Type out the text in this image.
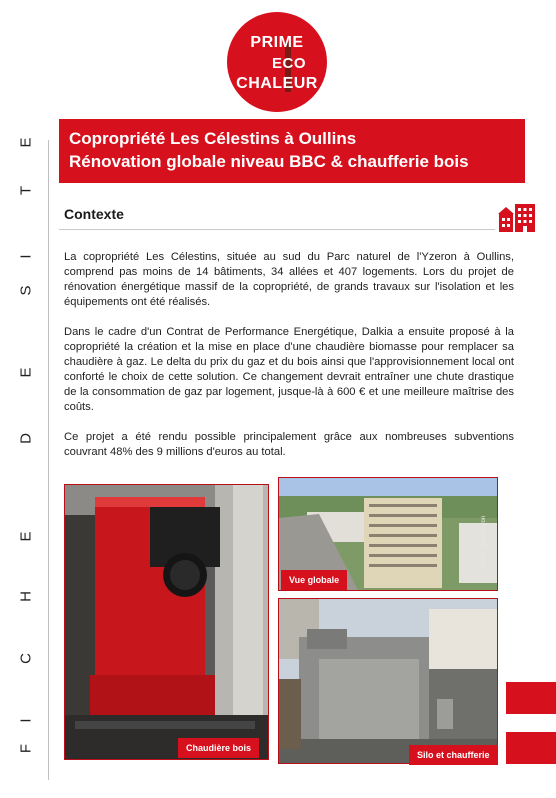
PRIME
ECO
CHALEUR
F
I
C
H
E
D
E
S
I
T
E Copropriété Les Célestins à Oullins
Rénovation globale niveau BBC & chaufferie bois
Contexte

La copropriété Les Célestins, située au sud du Parc naturel de l'Yzeron à Oullins, comprend pas moins de 14 bâtiments, 34 allées et 407 logements. Lors du projet de rénovation énergétique massif de la copropriété, de grands travaux sur l'isolation et les équipements ont été réalisés.

Dans le cadre d'un Contrat de Performance Energétique, Dalkia a ensuite proposé à la copropriété la création et la mise en place d'une chaudière biomasse pour remplacer sa chaudière à gaz. Le delta du prix du gaz et du bois ainsi que l'approvisionnement local ont conforté le choix de cette solution. Ce changement devrait entraîner une chute drastique de la consommation de gaz par logement, jusque-là à 600 € et une meilleure maîtrise des coûts.

Ce projet a été rendu possible principalement grâce aux nombreuses subventions couvrant 48% des 9 millions d'euros au total.

Chaudière bois
Vue globale
Crédit : Grand Lyon
Silo et chaufferie
